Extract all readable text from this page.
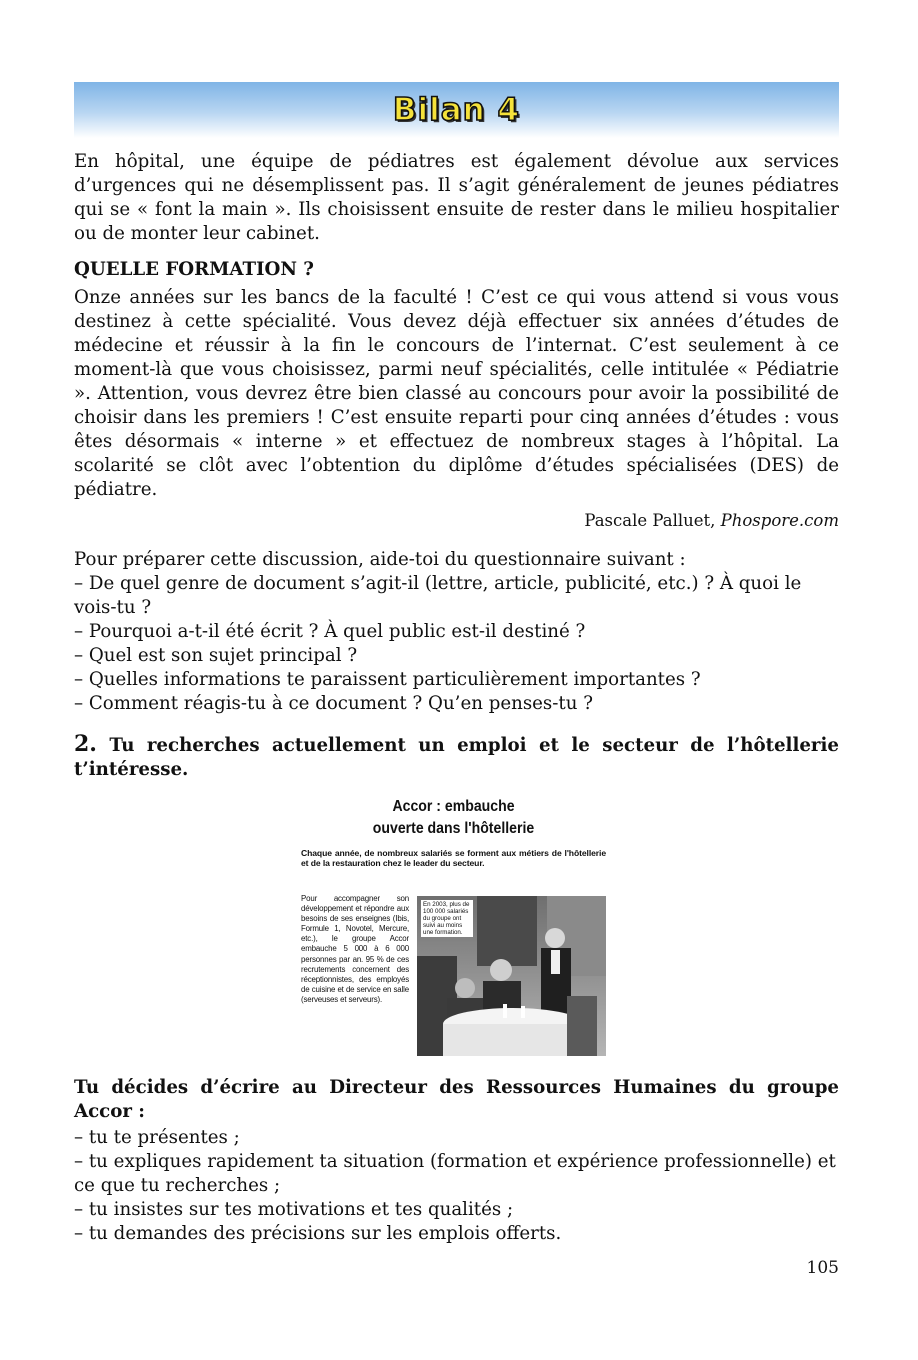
Bilan 4

En hôpital, une équipe de pédiatres est également dévolue aux services d’urgences qui ne désemplissent pas. Il s’agit généralement de jeunes pédiatres qui se « font la main ». Ils choisissent ensuite de rester dans le milieu hospitalier ou de monter leur cabinet.

QUELLE FORMATION ?

Onze années sur les bancs de la faculté ! C’est ce qui vous attend si vous vous destinez à cette spécialité. Vous devez déjà effectuer six années d’études de médecine et réussir à la fin le concours de l’internat. C’est seulement à ce moment-là que vous choisissez, parmi neuf spécialités, celle intitulée « Pédiatrie ». Attention, vous devrez être bien classé au concours pour avoir la possibilité de choisir dans les premiers ! C’est ensuite reparti pour cinq années d’études : vous êtes désormais « interne » et effectuez de nombreux stages à l’hôpital. La scolarité se clôt avec l’obtention du diplôme d’études spécialisées (DES) de pédiatre.

Pascale Palluet, Phospore.com

Pour préparer cette discussion, aide-toi du questionnaire suivant :

– De quel genre de document s’agit-il (lettre, article, publicité, etc.) ? À quoi le vois-tu ?

– Pourquoi a-t-il été écrit ? À quel public est-il destiné ?

– Quel est son sujet principal ?

– Quelles informations te paraissent particulièrement importantes ?

– Comment réagis-tu à ce document ? Qu’en penses-tu ?

2. Tu recherches actuellement un emploi et le secteur de l’hôtellerie t’intéresse.
Accor : embauche
ouverte dans l'hôtellerie
Chaque année, de nombreux salariés se forment aux métiers de l'hôtellerie et de la restauration chez le leader du secteur.
Pour accompagner son développement et répondre aux besoins de ses enseignes (Ibis, Formule 1, Novotel, Mercure, etc.), le groupe Accor embauche 5 000 à 6 000 personnes par an. 95 % de ces recrutements concernent des réceptionnistes, des employés de cuisine et de service en salle (serveuses et serveurs).
En 2003, plus de 100 000 salariés du groupe ont suivi au moins une formation.
Tu décides d’écrire au Directeur des Ressources Humaines du groupe Accor :

– tu te présentes ;

– tu expliques rapidement ta situation (formation et expérience professionnelle) et ce que tu recherches ;

– tu insistes sur tes motivations et tes qualités ;

– tu demandes des précisions sur les emplois offerts.

105
